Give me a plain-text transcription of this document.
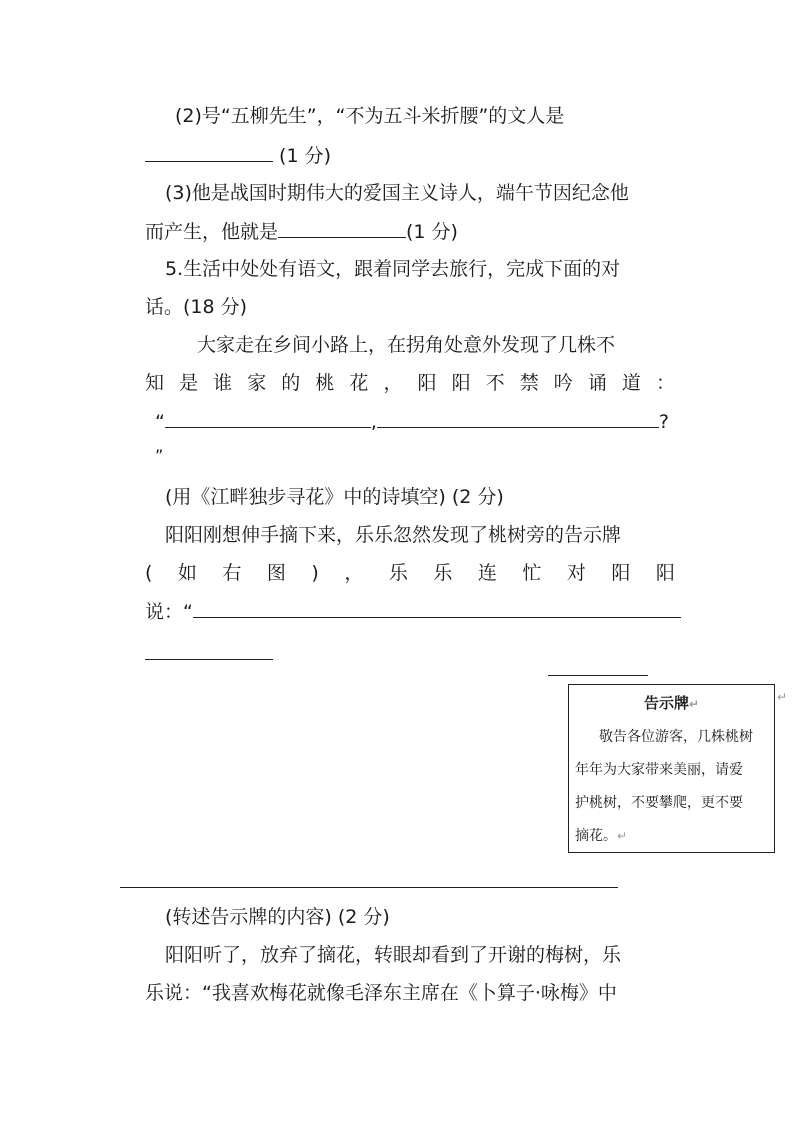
(2)号“五柳先生”，“不为五斗米折腰”的文人是
(1 分)
(3)他是战国时期伟大的爱国主义诗人，端午节因纪念他
而产生，他就是	(1 分)
5.生活中处处有语文，跟着同学去旅行，完成下面的对
话。(18 分)
大家走在乡间小路上，在拐角处意外发现了几株不
知 是 谁 家 的 桃 花 ， 阳 阳 不 禁 吟 诵 道 ：
“	,	?
”
(用《江畔独步寻花》中的诗填空) (2 分)
阳阳刚想伸手摘下来，乐乐忽然发现了桃树旁的告示牌
( 如 右 图 ) ， 乐 乐 连 忙 对 阳 阳
说：“
告示牌↵
敬告各位游客，几株桃树
年年为大家带来美丽，请爱
护桃树，不要攀爬，更不要
摘花。↵
↵
(转述告示牌的内容) (2 分)
阳阳听了，放弃了摘花，转眼却看到了开谢的梅树，乐
乐说：“我喜欢梅花就像毛泽东主席在《卜算子·咏梅》中
